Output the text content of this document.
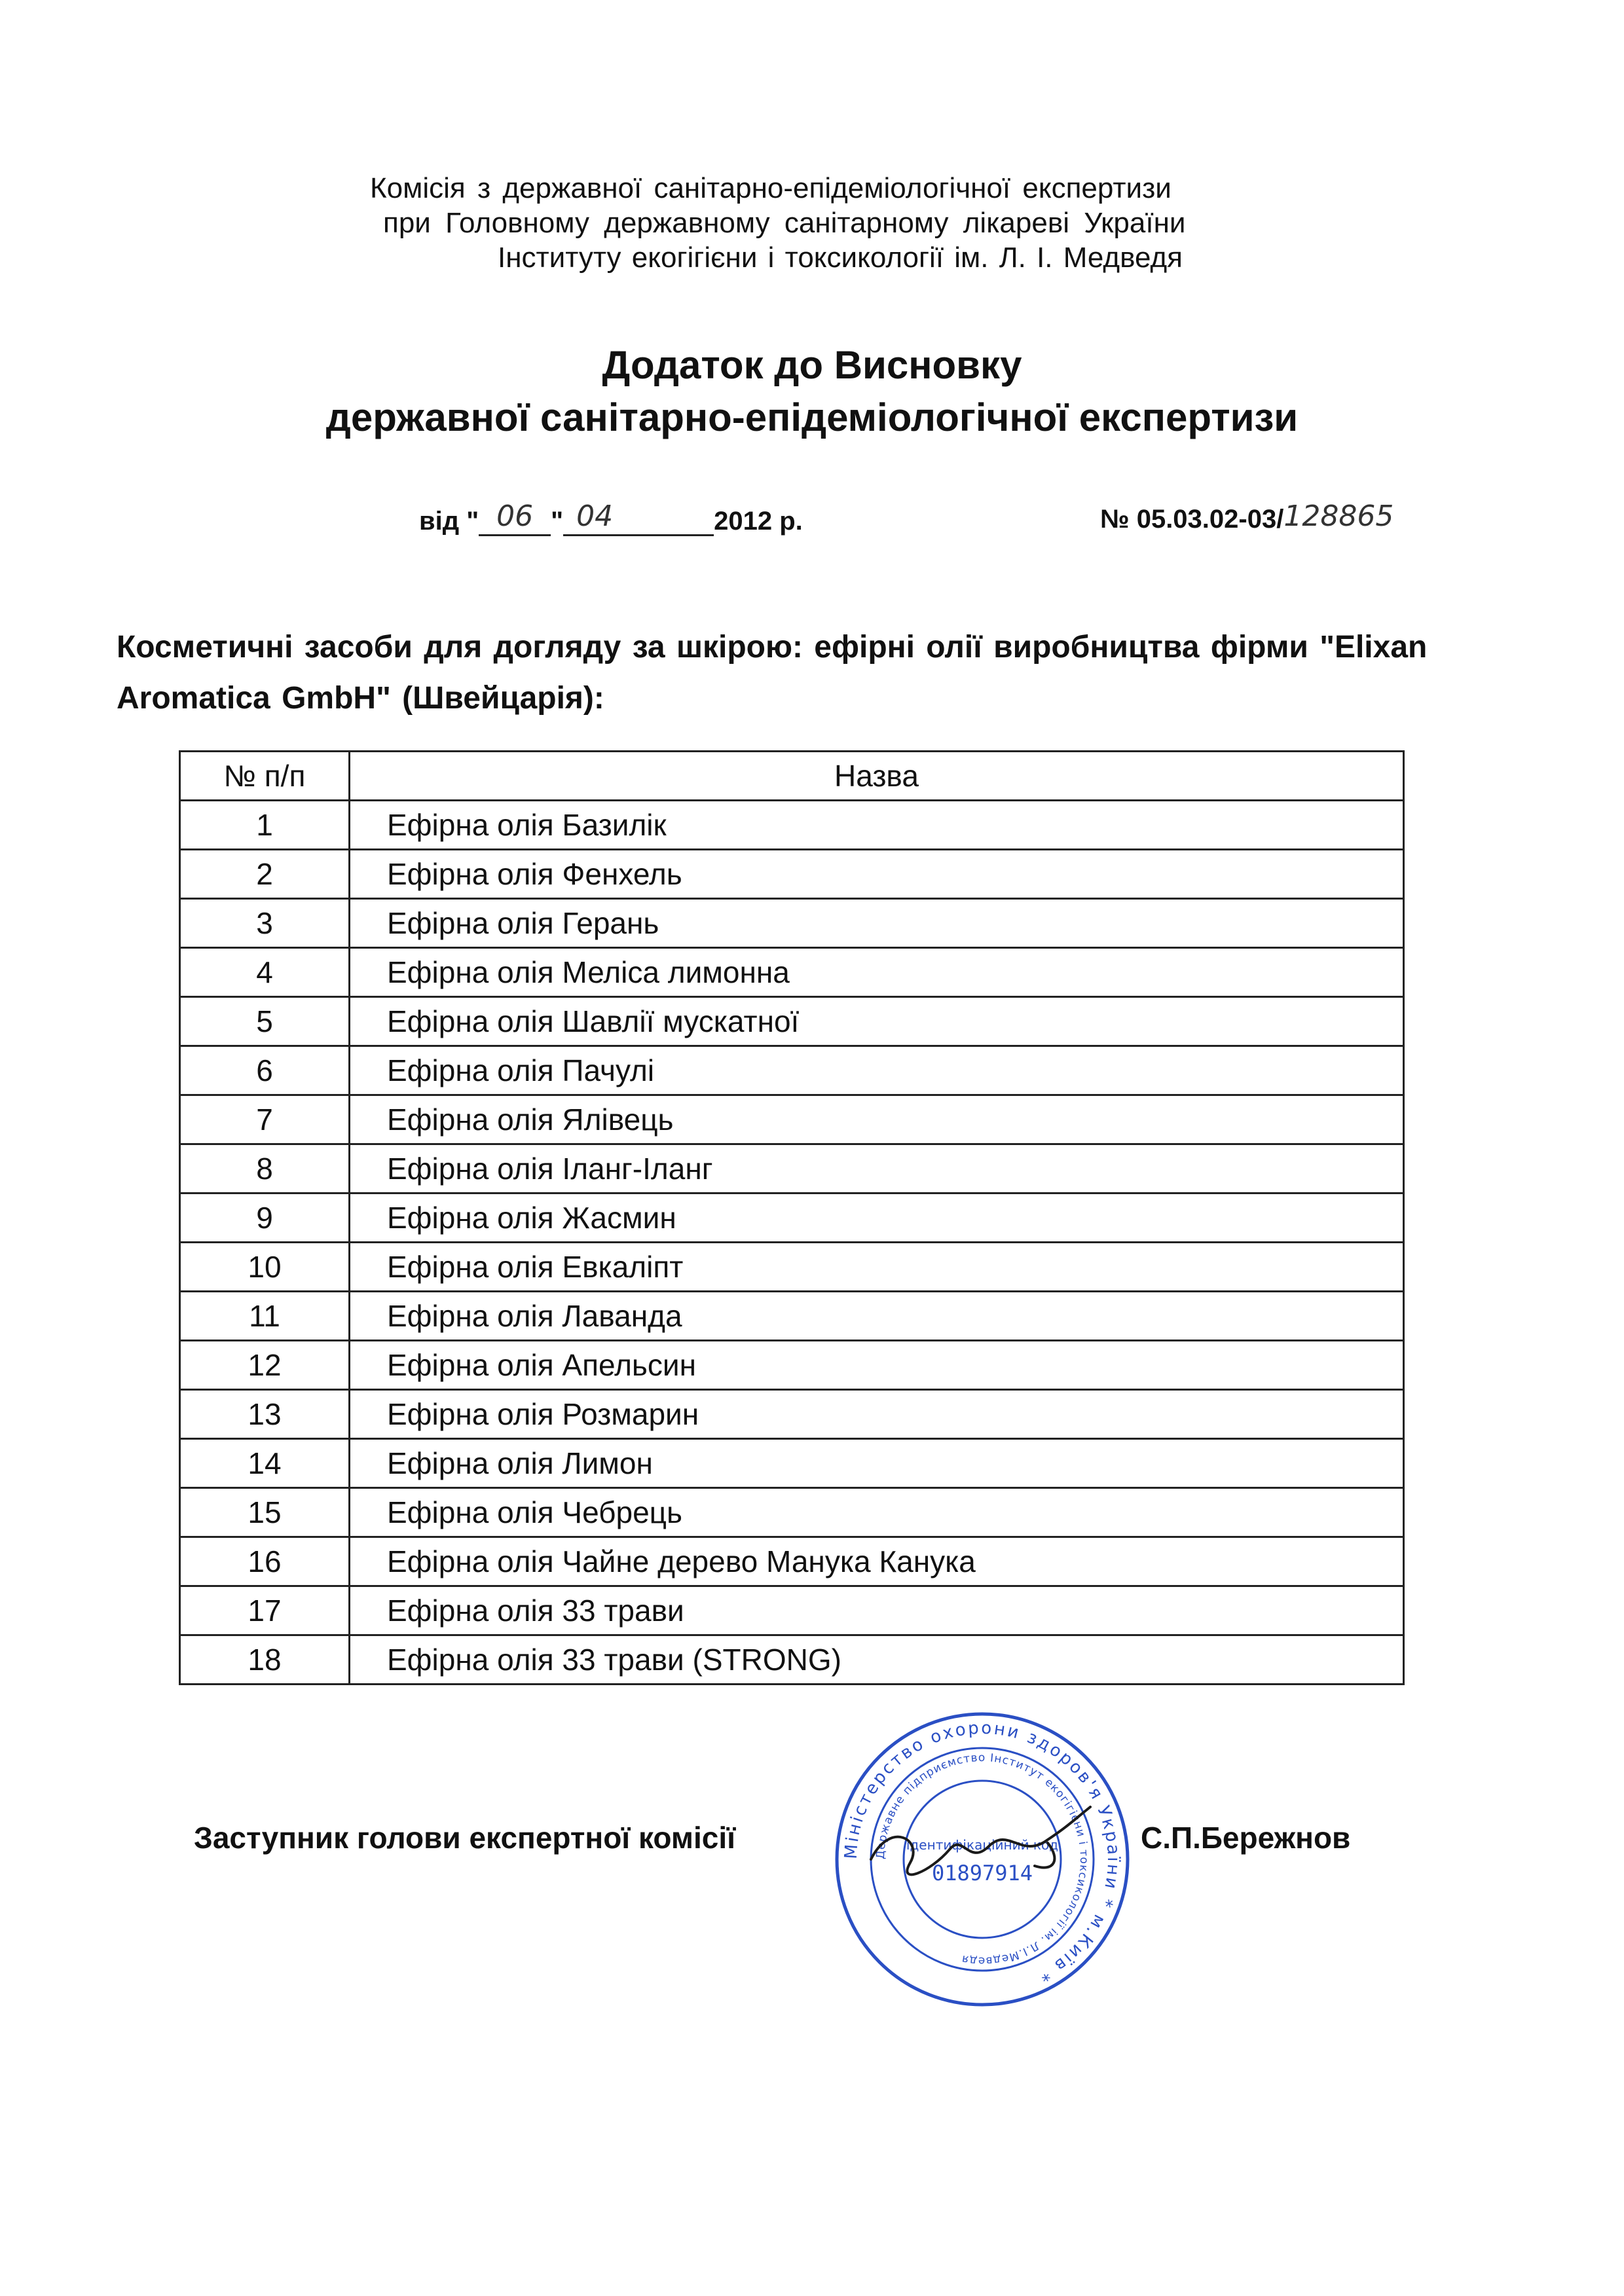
Комісія з державної санітарно-епідеміологічної експертизи
при Головному державному санітарному лікареві України
Інституту екогігієни і токсикології ім. Л. І. Медведя
Додаток до Висновку
державної санітарно-епідеміологічної експертизи
від " 06 " 04	2012 р.	№ 05.03.02-03/ 128865
Косметичні засоби для догляду за шкірою: ефірні олії виробництва фірми "Elixan
Aromatica GmbH" (Швейцарія):
№ п/п	Назва
1	Ефірна олія Базилік
2	Ефірна олія Фенхель
3	Ефірна олія Герань
4	Ефірна олія Меліса лимонна
5	Ефірна олія Шавлії мускатної
6	Ефірна олія Пачулі
7	Ефірна олія Ялівець
8	Ефірна олія Іланг-Іланг
9	Ефірна олія Жасмин
10	Ефірна олія Евкаліпт
11	Ефірна олія Лаванда
12	Ефірна олія Апельсин
13	Ефірна олія Розмарин
14	Ефірна олія Лимон
15	Ефірна олія Чебрець
16	Ефірна олія Чайне дерево Манука Канука
17	Ефірна олія 33 трави
18	Ефірна олія 33 трави (STRONG)
Заступник голови експертної комісії	С.П.Бережнов
Міністерство охорони здоров'я України * м.Київ *
Державне підприємство Інститут екогігієни і токсикології ім. Л.І.Медведя
ідентифікаційний код
01897914
